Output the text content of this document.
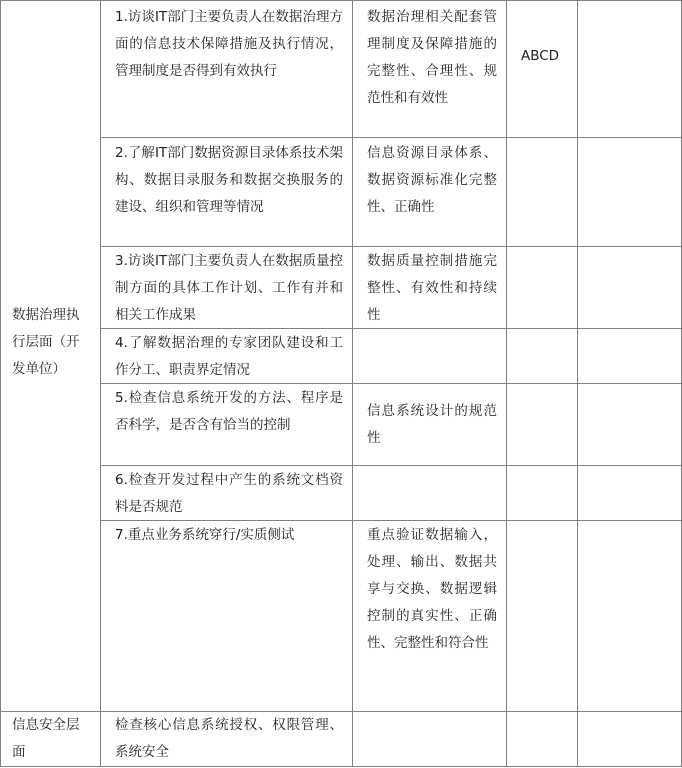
数据治理执行层面（开发单位）
信息安全层面
1.访谈IT部门主要负责人在数据治理方面的信息技术保障措施及执行情况，管理制度是否得到有效执行
数据治理相关配套管理制度及保障措施的完整性、合理性、规范性和有效性
ABCD
2.了解IT部门数据资源目录体系技术架构、数据目录服务和数据交换服务的建设、组织和管理等情况
信息资源目录体系、数据资源标准化完整性、正确性
3.访谈IT部门主要负责人在数据质量控制方面的具体工作计划、工作有并和相关工作成果
数据质量控制措施完整性、有效性和持续性
4.了解数据治理的专家团队建设和工作分工、职责界定情况
5.检查信息系统开发的方法、程序是否科学，是否含有恰当的控制
信息系统设计的规范性
6.检查开发过程中产生的系统文档资料是否规范
7.重点业务系统穿行/实质侧试	重点验证数据输入，处理、输出、数据共享与交换、数据逻辑控制的真实性、正确性、完整性和符合性
检查核心信息系统授权、权限管理、系统安全
